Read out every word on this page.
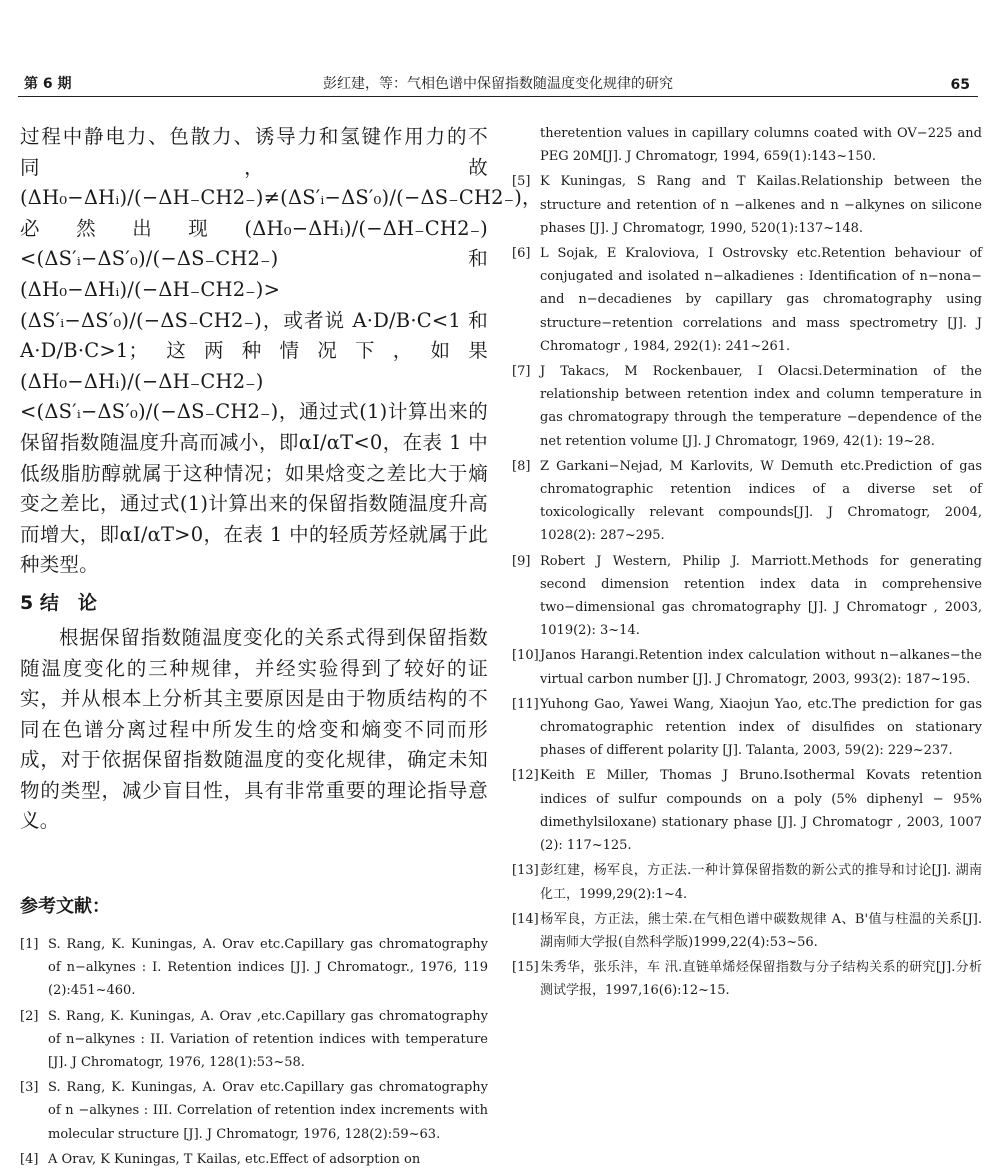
第 6 期	彭红建，等：气相色谱中保留指数随温度变化规律的研究	65

过程中静电力、色散力、诱导力和氢键作用力的不同，故(ΔH₀−ΔHᵢ)/(−ΔH₋CH2₋)≠(ΔS′ᵢ−ΔS′₀)/(−ΔS₋CH2₋)，必然出现(ΔH₀−ΔHᵢ)/(−ΔH₋CH2₋)<(ΔS′ᵢ−ΔS′₀)/(−ΔS₋CH2₋)和(ΔH₀−ΔHᵢ)/(−ΔH₋CH2₋)>(ΔS′ᵢ−ΔS′₀)/(−ΔS₋CH2₋)，或者说 A·D/B·C<1 和 A·D/B·C>1；这两种情况下，如果(ΔH₀−ΔHᵢ)/(−ΔH₋CH2₋)<(ΔS′ᵢ−ΔS′₀)/(−ΔS₋CH2₋)，通过式(1)计算出来的保留指数随温度升高而减小，即αI/αT<0，在表 1 中低级脂肪醇就属于这种情况；如果焓变之差比大于熵变之差比，通过式(1)计算出来的保留指数随温度升高而增大，即αI/αT>0，在表 1 中的轻质芳烃就属于此种类型。

5 结　论

根据保留指数随温度变化的关系式得到保留指数随温度变化的三种规律，并经实验得到了较好的证实，并从根本上分析其主要原因是由于物质结构的不同在色谱分离过程中所发生的焓变和熵变不同而形成，对于依据保留指数随温度的变化规律，确定未知物的类型，减少盲目性，具有非常重要的理论指导意义。

参考文献：

[1] S. Rang, K. Kuningas, A. Orav etc.Capillary gas chromatography of n−alkynes : I. Retention indices [J]. J Chromatogr., 1976, 119 (2):451~460.

[2] S. Rang, K. Kuningas, A. Orav ,etc.Capillary gas chromatography of n−alkynes : II. Variation of retention indices with temperature [J]. J Chromatogr, 1976, 128(1):53~58.

[3] S. Rang, K. Kuningas, A. Orav etc.Capillary gas chromatography of n −alkynes : III. Correlation of retention index increments with molecular structure [J]. J Chromatogr, 1976, 128(2):59~63.

[4] A Orav, K Kuningas, T Kailas, etc.Effect of adsorption on

theretention values in capillary columns coated with OV−225 and PEG 20M[J]. J Chromatogr, 1994, 659(1):143~150.

[5] K Kuningas, S Rang and T Kailas.Relationship between the structure and retention of n −alkenes and n −alkynes on silicone phases [J]. J Chromatogr, 1990, 520(1):137~148.

[6] L Sojak, E Kraloviova, I Ostrovsky etc.Retention behaviour of conjugated and isolated n−alkadienes : Identification of n−nona− and n−decadienes by capillary gas chromatography using structure−retention correlations and mass spectrometry [J]. J Chromatogr , 1984, 292(1): 241~261.

[7] J Takacs, M Rockenbauer, I Olacsi.Determination of the relationship between retention index and column temperature in gas chromatograpy through the temperature −dependence of the net retention volume [J]. J Chromatogr, 1969, 42(1): 19~28.

[8] Z Garkani−Nejad, M Karlovits, W Demuth etc.Prediction of gas chromatographic retention indices of a diverse set of toxicologically relevant compounds[J]. J Chromatogr, 2004, 1028(2): 287~295.

[9] Robert J Western, Philip J. Marriott.Methods for generating second dimension retention index data in comprehensive two−dimensional gas chromatography [J]. J Chromatogr , 2003, 1019(2): 3~14.

[10]Janos Harangi.Retention index calculation without n−alkanes−the virtual carbon number [J]. J Chromatogr, 2003, 993(2): 187~195.

[11]Yuhong Gao, Yawei Wang, Xiaojun Yao, etc.The prediction for gas chromatographic retention index of disulfides on stationary phases of different polarity [J]. Talanta, 2003, 59(2): 229~237.

[12]Keith E Miller, Thomas J Bruno.Isothermal Kovats retention indices of sulfur compounds on a poly (5% diphenyl − 95% dimethylsiloxane) stationary phase [J]. J Chromatogr , 2003, 1007 (2): 117~125.

[13]彭红建，杨军良，方正法.一种计算保留指数的新公式的推导和讨论[J]. 湖南化工，1999,29(2):1~4.

[14]杨军良，方正法，熊士荣.在气相色谱中碳数规律 A、B'值与柱温的关系[J]. 湖南师大学报(自然科学版)1999,22(4):53~56.

[15]朱秀华，张乐沣，车 汛.直链单烯烃保留指数与分子结构关系的研究[J].分析测试学报，1997,16(6):12~15.
